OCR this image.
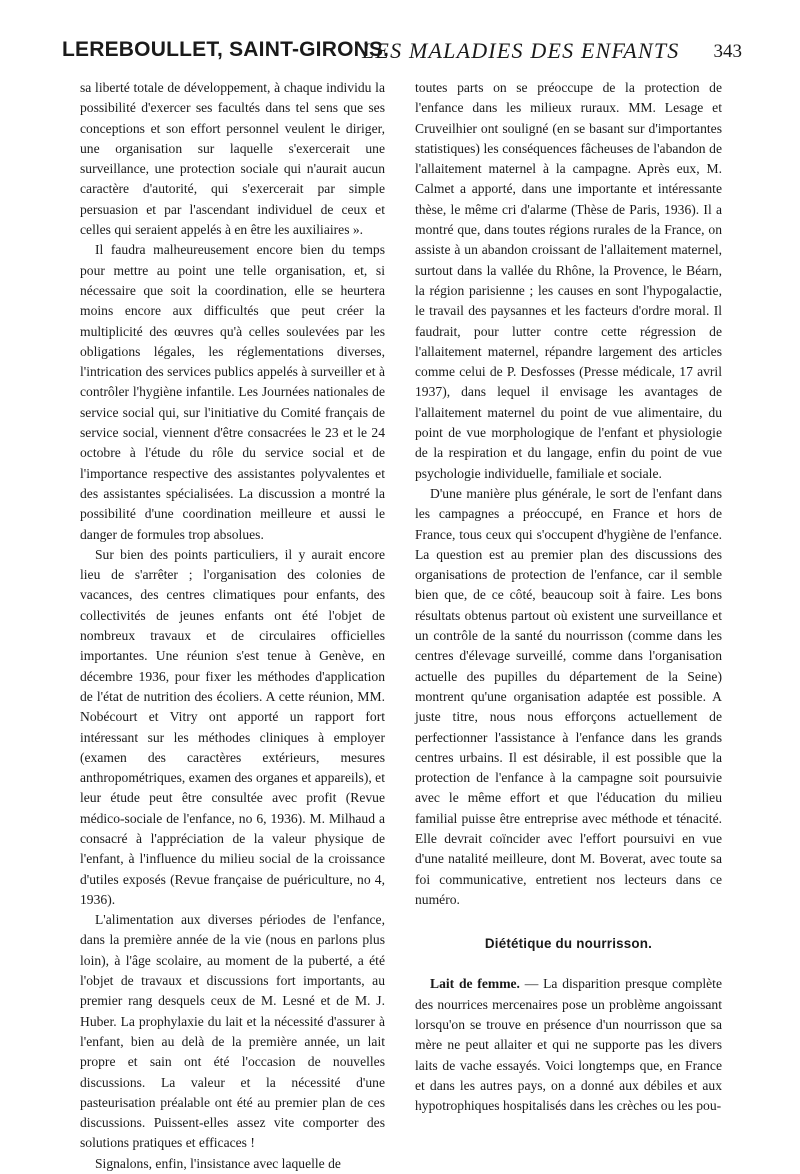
LEREBOULLET, SAINT-GIRONS.
LES MALADIES DES ENFANTS 343

sa liberté totale de développement, à chaque individu la possibilité d'exercer ses facultés dans tel sens que ses conceptions et son effort personnel veulent le diriger, une organisation sur laquelle s'exercerait une surveillance, une protection sociale qui n'aurait aucun caractère d'autorité, qui s'exercerait par simple persuasion et par l'ascendant individuel de ceux et celles qui seraient appelés à en être les auxiliaires ».

Il faudra malheureusement encore bien du temps pour mettre au point une telle organisation, et, si nécessaire que soit la coordination, elle se heurtera moins encore aux difficultés que peut créer la multiplicité des œuvres qu'à celles soulevées par les obligations légales, les réglementations diverses, l'intrication des services publics appelés à surveiller et à contrôler l'hygiène infantile. Les Journées nationales de service social qui, sur l'initiative du Comité français de service social, viennent d'être consacrées le 23 et le 24 octobre à l'étude du rôle du service social et de l'importance respective des assistantes polyvalentes et des assistantes spécialisées. La discussion a montré la possibilité d'une coordination meilleure et aussi le danger de formules trop absolues.

Sur bien des points particuliers, il y aurait encore lieu de s'arrêter ; l'organisation des colonies de vacances, des centres climatiques pour enfants, des collectivités de jeunes enfants ont été l'objet de nombreux travaux et de circulaires officielles importantes. Une réunion s'est tenue à Genève, en décembre 1936, pour fixer les méthodes d'application de l'état de nutrition des écoliers. A cette réunion, MM. Nobécourt et Vitry ont apporté un rapport fort intéressant sur les méthodes cliniques à employer (examen des caractères extérieurs, mesures anthropométriques, examen des organes et appareils), et leur étude peut être consultée avec profit (Revue médico-sociale de l'enfance, no 6, 1936). M. Milhaud a consacré à l'appréciation de la valeur physique de l'enfant, à l'influence du milieu social de la croissance d'utiles exposés (Revue française de puériculture, no 4, 1936).

L'alimentation aux diverses périodes de l'enfance, dans la première année de la vie (nous en parlons plus loin), à l'âge scolaire, au moment de la puberté, a été l'objet de travaux et discussions fort importants, au premier rang desquels ceux de M. Lesné et de M. J. Huber. La prophylaxie du lait et la nécessité d'assurer à l'enfant, bien au delà de la première année, un lait propre et sain ont été l'occasion de nouvelles discussions. La valeur et la nécessité d'une pasteurisation préalable ont été au premier plan de ces discussions. Puissent-elles assez vite comporter des solutions pratiques et efficaces !

Signalons, enfin, l'insistance avec laquelle de

toutes parts on se préoccupe de la protection de l'enfance dans les milieux ruraux. MM. Lesage et Cruveilhier ont souligné (en se basant sur d'importantes statistiques) les conséquences fâcheuses de l'abandon de l'allaitement maternel à la campagne. Après eux, M. Calmet a apporté, dans une importante et intéressante thèse, le même cri d'alarme (Thèse de Paris, 1936). Il a montré que, dans toutes régions rurales de la France, on assiste à un abandon croissant de l'allaitement maternel, surtout dans la vallée du Rhône, la Provence, le Béarn, la région parisienne ; les causes en sont l'hypogalactie, le travail des paysannes et les facteurs d'ordre moral. Il faudrait, pour lutter contre cette régression de l'allaitement maternel, répandre largement des articles comme celui de P. Desfosses (Presse médicale, 17 avril 1937), dans lequel il envisage les avantages de l'allaitement maternel du point de vue alimentaire, du point de vue morphologique de l'enfant et physiologie de la respiration et du langage, enfin du point de vue psychologie individuelle, familiale et sociale.

D'une manière plus générale, le sort de l'enfant dans les campagnes a préoccupé, en France et hors de France, tous ceux qui s'occupent d'hygiène de l'enfance. La question est au premier plan des discussions des organisations de protection de l'enfance, car il semble bien que, de ce côté, beaucoup soit à faire. Les bons résultats obtenus partout où existent une surveillance et un contrôle de la santé du nourrisson (comme dans les centres d'élevage surveillé, comme dans l'organisation actuelle des pupilles du département de la Seine) montrent qu'une organisation adaptée est possible. A juste titre, nous nous efforçons actuellement de perfectionner l'assistance à l'enfance dans les grands centres urbains. Il est désirable, il est possible que la protection de l'enfance à la campagne soit poursuivie avec le même effort et que l'éducation du milieu familial puisse être entreprise avec méthode et ténacité. Elle devrait coïncider avec l'effort poursuivi en vue d'une natalité meilleure, dont M. Boverat, avec toute sa foi communicative, entretient nos lecteurs dans ce numéro.

Diététique du nourrisson.

Lait de femme. — La disparition presque complète des nourrices mercenaires pose un problème angoissant lorsqu'on se trouve en présence d'un nourrisson que sa mère ne peut allaiter et qui ne supporte pas les divers laits de vache essayés. Voici longtemps que, en France et dans les autres pays, on a donné aux débiles et aux hypotrophiques hospitalisés dans les crèches ou les pou-
